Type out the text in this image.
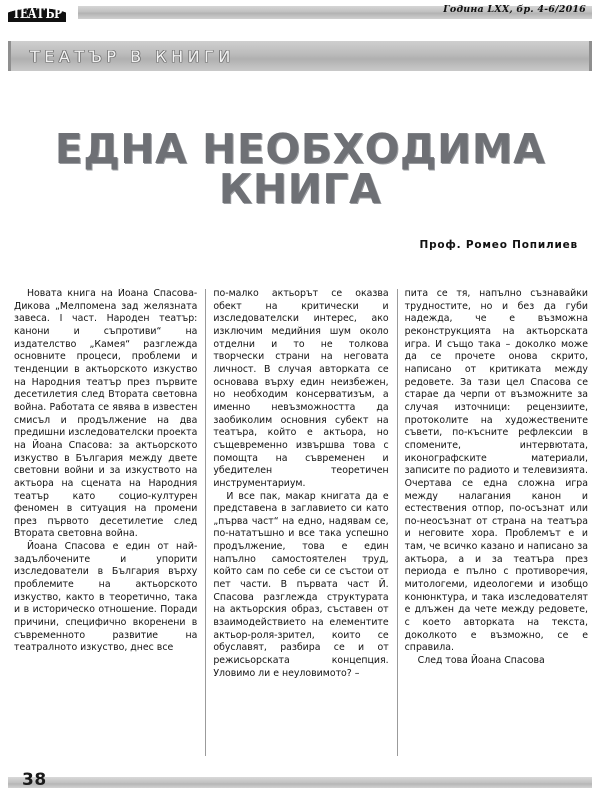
ТЕАТЪР	Година LXX, бр. 4-6/2016
ТЕАТЪР В КНИГИ
ЕДНА НЕОБХОДИМА
КНИГА
Проф. Ромео Попилиев

Новата книга на Йоана Спасова-Дикова „Мелпомена зад желязната завеса. I част. Народен театър: канони и съпротиви“ на издателство „Камея“ разглежда основните процеси, проблеми и тенденции в актьорското изкуство на Народния театър през първите десетилетия след Втората световна война. Работата се явява в известен смисъл и продължение на два предишни изследователски проекта на Йоана Спасова: за актьорското изкуство в България между двете световни войни и за изкуството на актьора на сцената на Народния театър като социо-културен феномен в ситуация на промени през първото десетилетие след Втората световна война.

Йоана Спасова е един от най-задълбочените и упорити изследователи в България върху проблемите на актьорското изкуство, както в теоретично, така и в историческо отношение. Поради причини, специфично вкоренени в съвременното развитие на театралното изкуство, днес все

по-малко актьорът се оказва обект на критически и изследователски интерес, ако изключим медийния шум около отделни и то не толкова творчески страни на неговата личност. В случая авторката се основава върху един неизбежен, но необходим консерватизъм, а именно невъзможността да заобиколим основния субект на театъра, който е актьора, но същевременно извършва това с помощта на съвременен и убедителен теоретичен инструментариум.

И все пак, макар книгата да е представена в заглавието си като „първа част“ на едно, надявам се, по-нататъшно и все така успешно продължение, това е един напълно самостоятелен труд, който сам по себе си се състои от пет части. В първата част Й. Спасова разглежда структурата на актьорския образ, съставен от взаимодействието на елементите актьор-роля-зрител, които се обуславят, разбира се и от режисьорската концепция. Уловимо ли е неуловимото? –

пита се тя, напълно съзнавайки трудностите, но и без да губи надежда, че е възможна реконструкцията на актьорската игра. И също така – доколко може да се прочете онова скрито, написано от критиката между редовете. За тази цел Спасова се старае да черпи от възможните за случая източници: рецензиите, протоколите на художествените съвети, по-късните рефлексии в спомените, интервютата, иконографските материали, записите по радиото и телевизията. Очертава се една сложна игра между налагания канон и естествения отпор, по-осъзнат или по-неосъзнат от страна на театъра и неговите хора. Проблемът е и там, че всичко казано и написано за актьора, а и за театъра през периода е пълно с противоречия, митологеми, идеологеми и изобщо конюнктура, и така изследователят е длъжен да чете между редовете, с което авторката на текста, доколкото е възможно, се е справила.

След това Йоана Спасова

38
